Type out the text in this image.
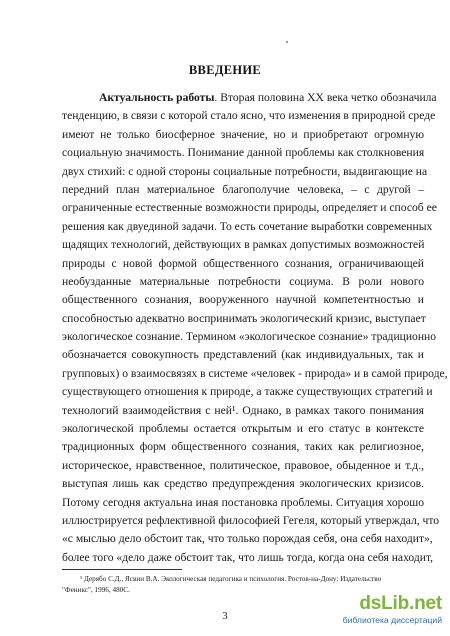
ВВЕДЕНИЕ
Актуальность работы. Вторая половина XX века четко обозначила
тенденцию, в связи с которой стало ясно, что изменения в природной среде
имеют не только биосферное значение, но и приобретают огромную
социальную значимость. Понимание данной проблемы как столкновения
двух стихий: с одной стороны социальные потребности, выдвигающие на
передний план материальное благополучие человека, – с другой –
ограниченные естественные возможности природы, определяет и способ ее
решения как двуединой задачи. То есть сочетание выработки современных
щадящих технологий, действующих в рамках допустимых возможностей
природы с новой формой общественного сознания, ограничивающей
необузданные материальные потребности социума. В роли нового
общественного сознания, вооруженного научной компетентностью и
способностью адекватно воспринимать экологический кризис, выступает
экологическое сознание. Термином «экологическое сознание» традиционно
обозначается совокупность представлений (как индивидуальных, так и
групповых) о взаимосвязях в системе «человек - природа» и в самой природе,
существующего отношения к природе, а также существующих стратегий и
технологий взаимодействия с ней¹. Однако, в рамках такого понимания
экологической проблемы остается открытым и его статус в контексте
традиционных форм общественного сознания, таких как религиозное,
историческое, нравственное, политическое, правовое, обыденное и т.д.,
выступая лишь как средство предупреждения экологических кризисов.
Потому сегодня актуальна иная постановка проблемы. Ситуация хорошо
иллюстрируется рефлективной философией Гегеля, который утверждал, что
«с мыслью дело обстоит так, что только порождая себя, она себя находит»,
более того «дело даже обстоит так, что лишь тогда, когда она себя находит,
¹ Дерябо С.Д., Ясвин В.А. Экологическая педагогика и психология. Ростов-на-Дону: Издательство
"Феникс", 1996, 480С.
3
dsLib.net
библиотека диссертаций
